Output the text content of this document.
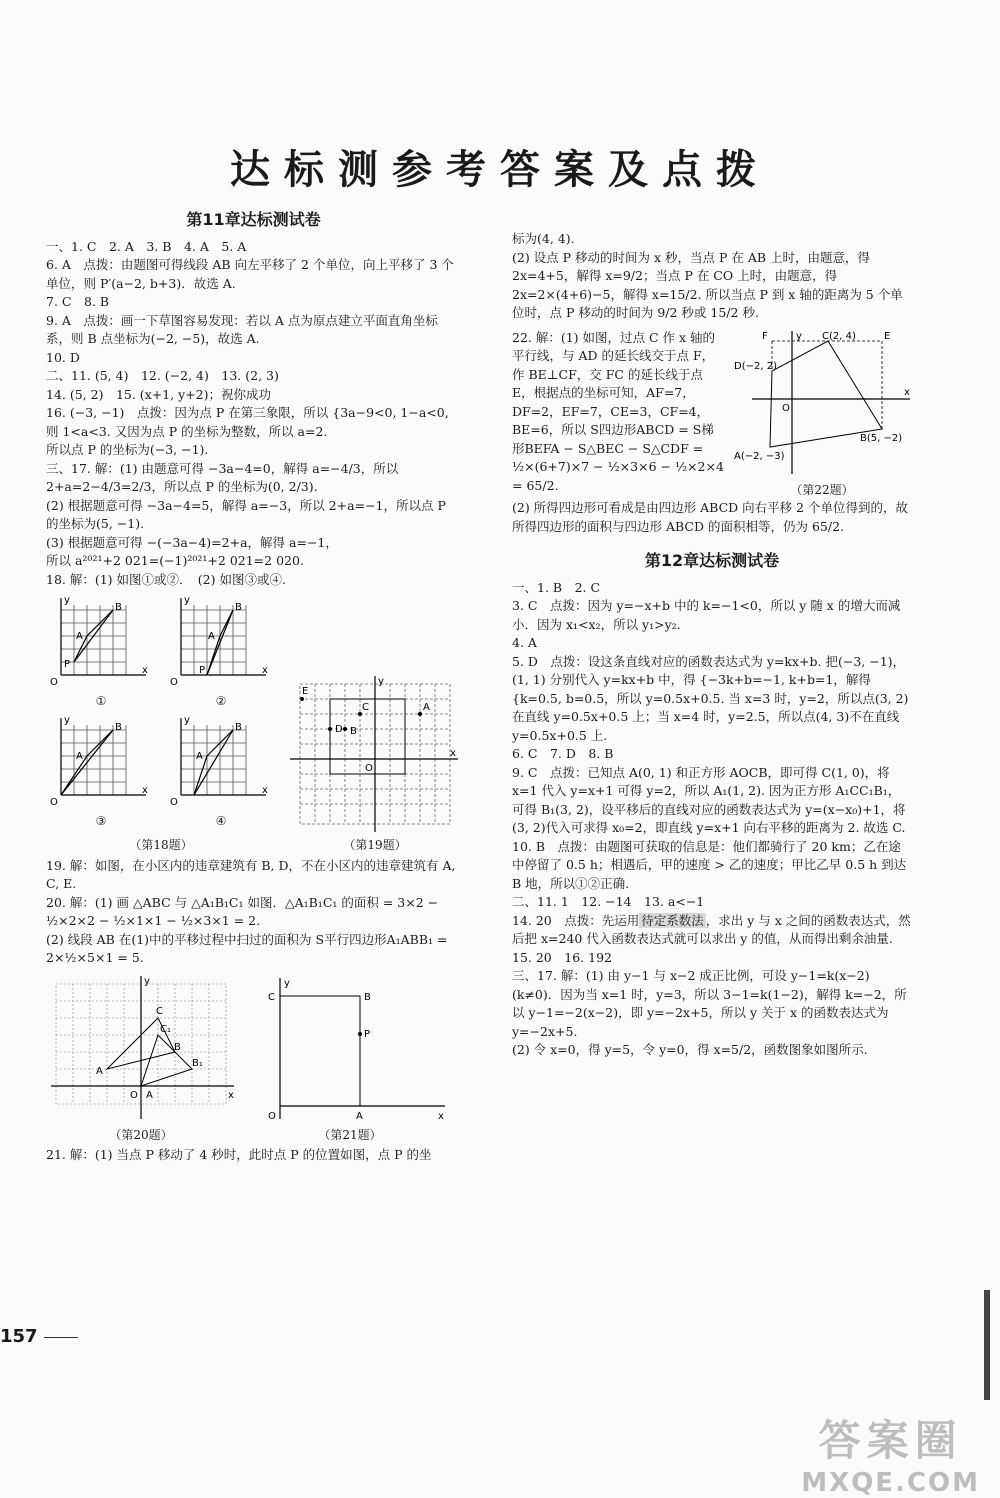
达标测参考答案及点拨
第11章达标测试卷

一、1. C　2. A　3. B　4. A　5. A

6. A　点拨：由题图可得线段 AB 向左平移了 2 个单位，向上平移了 3 个单位，则 P′(a−2, b+3)．故选 A.

7. C　8. B

9. A　点拨：画一下草图容易发现：若以 A 点为原点建立平面直角坐标系，则 B 点坐标为(−2, −5)，故选 A.

10. D

二、11. (5, 4)　12. (−2, 4)　13. (2, 3)

14. (5, 2)　15. (x+1, y+2)；祝你成功

16. (−3, −1)　点拨：因为点 P 在第三象限，所以 {3a−9<0, 1−a<0,

则 1<a<3. 又因为点 P 的坐标为整数，所以 a=2.

所以点 P 的坐标为(−3, −1).

三、17. 解：(1) 由题意可得 −3a−4=0，解得 a=−4/3，所以 2+a=2−4/3=2/3，所以点 P 的坐标为(0, 2/3).

(2) 根据题意可得 −3a−4=5，解得 a=−3，所以 2+a=−1，所以点 P 的坐标为(5, −1).

(3) 根据题意可得 −(−3a−4)=2+a，解得 a=−1，

所以 a²⁰²¹+2 021=(−1)²⁰²¹+2 021=2 020.

18. 解：(1) 如图①或②．　(2) 如图③或④.

P
A
B
O
x
y
①
P
A
B
O
x
y
②
A
B
O
x
y
③
A
B
O
x
y
④
（第18题）
E
D
C
B
A
O
x
y
（第19题）

19. 解：如图，在小区内的违章建筑有 B, D，不在小区内的违章建筑有 A, C, E.

20. 解：(1) 画 △ABC 与 △A₁B₁C₁ 如图．△A₁B₁C₁ 的面积 = 3×2 − ½×2×2 − ½×1×1 − ½×3×1 = 2.

(2) 线段 AB 在(1)中的平移过程中扫过的面积为 S平行四边形A₁ABB₁ = 2×½×5×1 = 5.

A
C
B
A
C₁
B₁
O	x
y
（第20题）
C	B
P
A
O	x
y
（第21题）

21. 解：(1) 当点 P 移动了 4 秒时，此时点 P 的位置如图，点 P 的坐

标为(4, 4).

(2) 设点 P 移动的时间为 x 秒，当点 P 在 AB 上时，由题意，得 2x=4+5，解得 x=9/2；当点 P 在 CO 上时，由题意，得

2x=2×(4+6)−5，解得 x=15/2. 所以当点 P 到 x 轴的距离为 5 个单位时，点 P 移动的时间为 9/2 秒或 15/2 秒.

22. 解：(1) 如图，过点 C 作 x 轴的平行线，与 AD 的延长线交于点 F，作 BE⊥CF，交 FC 的延长线于点 E，根据点的坐标可知，AF=7，DF=2，EF=7，CE=3，CF=4，BE=6，所以 S四边形ABCD = S梯形BEFA − S△BEC − S△CDF = ½×(6+7)×7 − ½×3×6 − ½×2×4 = 65/2.

F	C(2, 4)	E
D(−2, 2)
B(5, −2)
A(−2, −3)
O
x
y
（第22题）

(2) 所得四边形可看成是由四边形 ABCD 向右平移 2 个单位得到的，故所得四边形的面积与四边形 ABCD 的面积相等，仍为 65/2.

第12章达标测试卷

一、1. B　2. C

3. C　点拨：因为 y=−x+b 中的 k=−1<0，所以 y 随 x 的增大而减小．因为 x₁<x₂，所以 y₁>y₂.

4. A

5. D　点拨：设这条直线对应的函数表达式为 y=kx+b. 把(−3, −1)，(1, 1) 分别代入 y=kx+b 中，得 {−3k+b=−1, k+b=1，解得 {k=0.5, b=0.5，所以 y=0.5x+0.5. 当 x=3 时，y=2，所以点(3, 2)在直线 y=0.5x+0.5 上；当 x=4 时，y=2.5，所以点(4, 3)不在直线 y=0.5x+0.5 上.

6. C　7. D　8. B

9. C　点拨：已知点 A(0, 1) 和正方形 AOCB，即可得 C(1, 0)，将 x=1 代入 y=x+1 可得 y=2，所以 A₁(1, 2). 因为正方形 A₁CC₁B₁，可得 B₁(3, 2)，设平移后的直线对应的函数表达式为 y=(x−x₀)+1，将(3, 2)代入可求得 x₀=2，即直线 y=x+1 向右平移的距离为 2. 故选 C.

10. B　点拨：由题图可获取的信息是：他们都骑行了 20 km；乙在途中停留了 0.5 h；相遇后，甲的速度 > 乙的速度；甲比乙早 0.5 h 到达 B 地，所以①②正确.

二、11. 1　12. −14　13. a<−1

14. 20　点拨：先运用 待定系数法 ，求出 y 与 x 之间的函数表达式，然后把 x=240 代入函数表达式就可以求出 y 的值，从而得出剩余油量.

15. 20　16. 192

三、17. 解：(1) 由 y−1 与 x−2 成正比例，可设 y−1=k(x−2)(k≠0)．因为当 x=1 时，y=3，所以 3−1=k(1−2)，解得 k=−2，所以 y−1=−2(x−2)，即 y=−2x+5，所以 y 关于 x 的函数表达式为 y=−2x+5.

(2) 令 x=0，得 y=5，令 y=0，得 x=5/2，函数图象如图所示.

157
答案圈
MXQE.COM
